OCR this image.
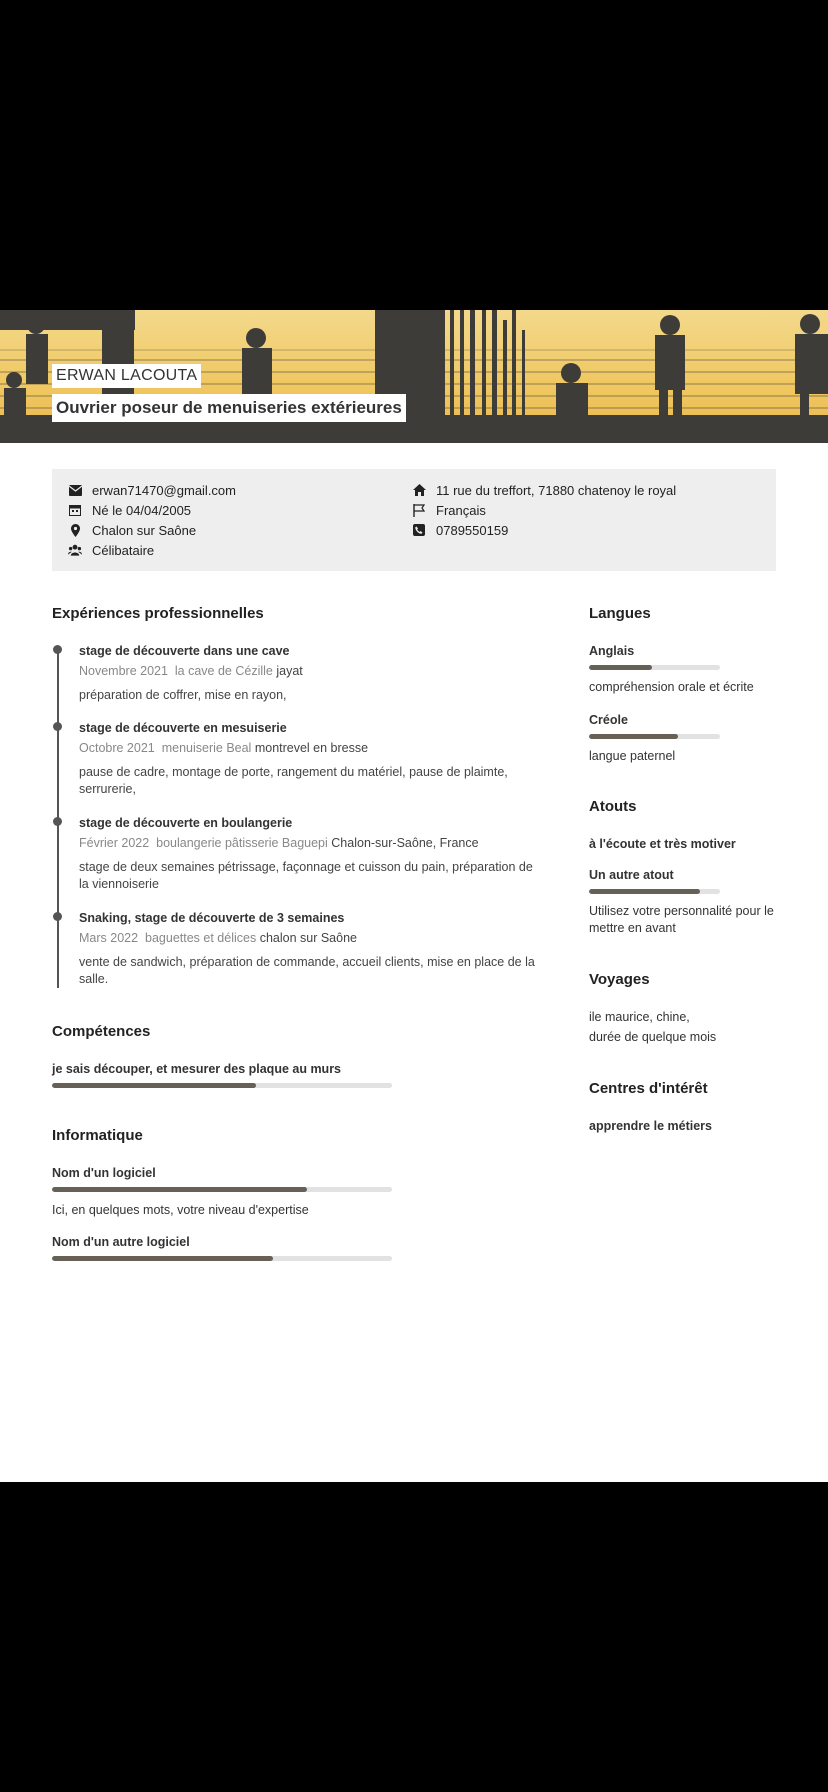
ERWAN LACOUTA
Ouvrier poseur de menuiseries extérieures
erwan71470@gmail.com
Né le 04/04/2005
Chalon sur Saône
Célibataire
11 rue du treffort, 71880 chatenoy le royal
Français
0789550159
Expériences professionnelles
stage de découverte dans une cave
Novembre 2021 la cave de Cézille jayat
préparation de coffrer, mise en rayon,
stage de découverte en mesuiserie
Octobre 2021 menuiserie Beal montrevel en bresse
pause de cadre, montage de porte, rangement du matériel, pause de plaimte, serrurerie,
stage de découverte en boulangerie
Février 2022 boulangerie pâtisserie Baguepi Chalon-sur-Saône, France
stage de deux semaines pétrissage, façonnage et cuisson du pain, préparation de la viennoiserie
Snaking, stage de découverte de 3 semaines
Mars 2022 baguettes et délices chalon sur Saône
vente de sandwich, préparation de commande, accueil clients, mise en place de la salle.
Compétences
je sais découper, et mesurer des plaque au murs
Informatique
Nom d'un logiciel
Ici, en quelques mots, votre niveau d'expertise
Nom d'un autre logiciel
Langues
Anglais
compréhension orale et écrite
Créole
langue paternel
Atouts
à l'écoute et très motiver
Un autre atout
Utilisez votre personnalité pour le mettre en avant
Voyages
ile maurice, chine,
durée de quelque mois
Centres d'intérêt
apprendre le métiers
